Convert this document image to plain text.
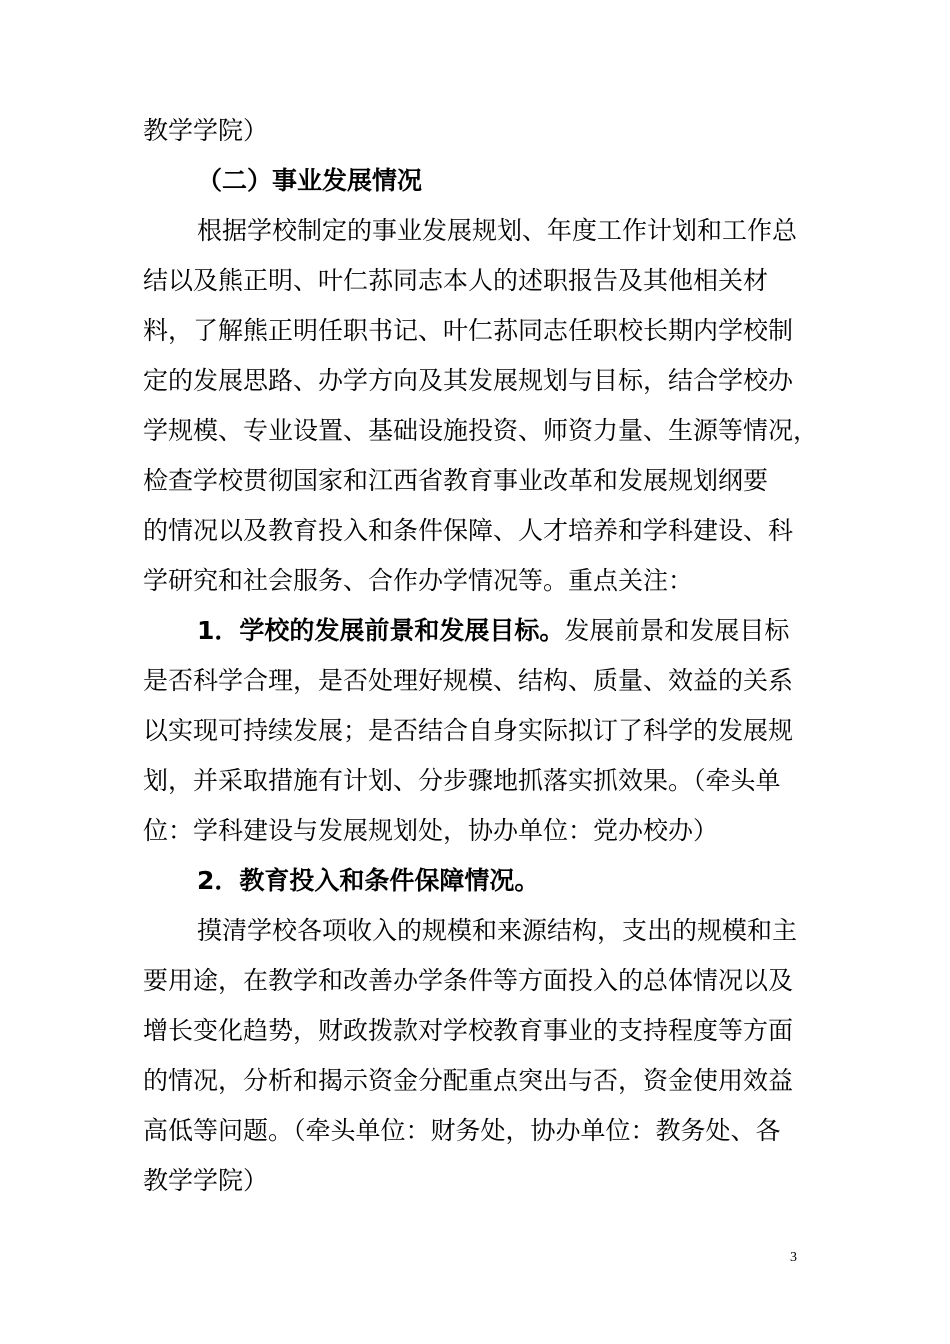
教学学院）
（二）事业发展情况
根据学校制定的事业发展规划、年度工作计划和工作总
结以及熊正明、叶仁荪同志本人的述职报告及其他相关材
料，了解熊正明任职书记、叶仁荪同志任职校长期内学校制
定的发展思路、办学方向及其发展规划与目标，结合学校办
学规模、专业设置、基础设施投资、师资力量、生源等情况，
检查学校贯彻国家和江西省教育事业改革和发展规划纲要
的情况以及教育投入和条件保障、人才培养和学科建设、科
学研究和社会服务、合作办学情况等。重点关注：
1．学校的发展前景和发展目标。发展前景和发展目标
是否科学合理，是否处理好规模、结构、质量、效益的关系
以实现可持续发展；是否结合自身实际拟订了科学的发展规
划，并采取措施有计划、分步骤地抓落实抓效果。（牵头单
位：学科建设与发展规划处，协办单位：党办校办）
2．教育投入和条件保障情况。
摸清学校各项收入的规模和来源结构，支出的规模和主
要用途，在教学和改善办学条件等方面投入的总体情况以及
增长变化趋势，财政拨款对学校教育事业的支持程度等方面
的情况，分析和揭示资金分配重点突出与否，资金使用效益
高低等问题。（牵头单位：财务处，协办单位：教务处、各
教学学院）
3
